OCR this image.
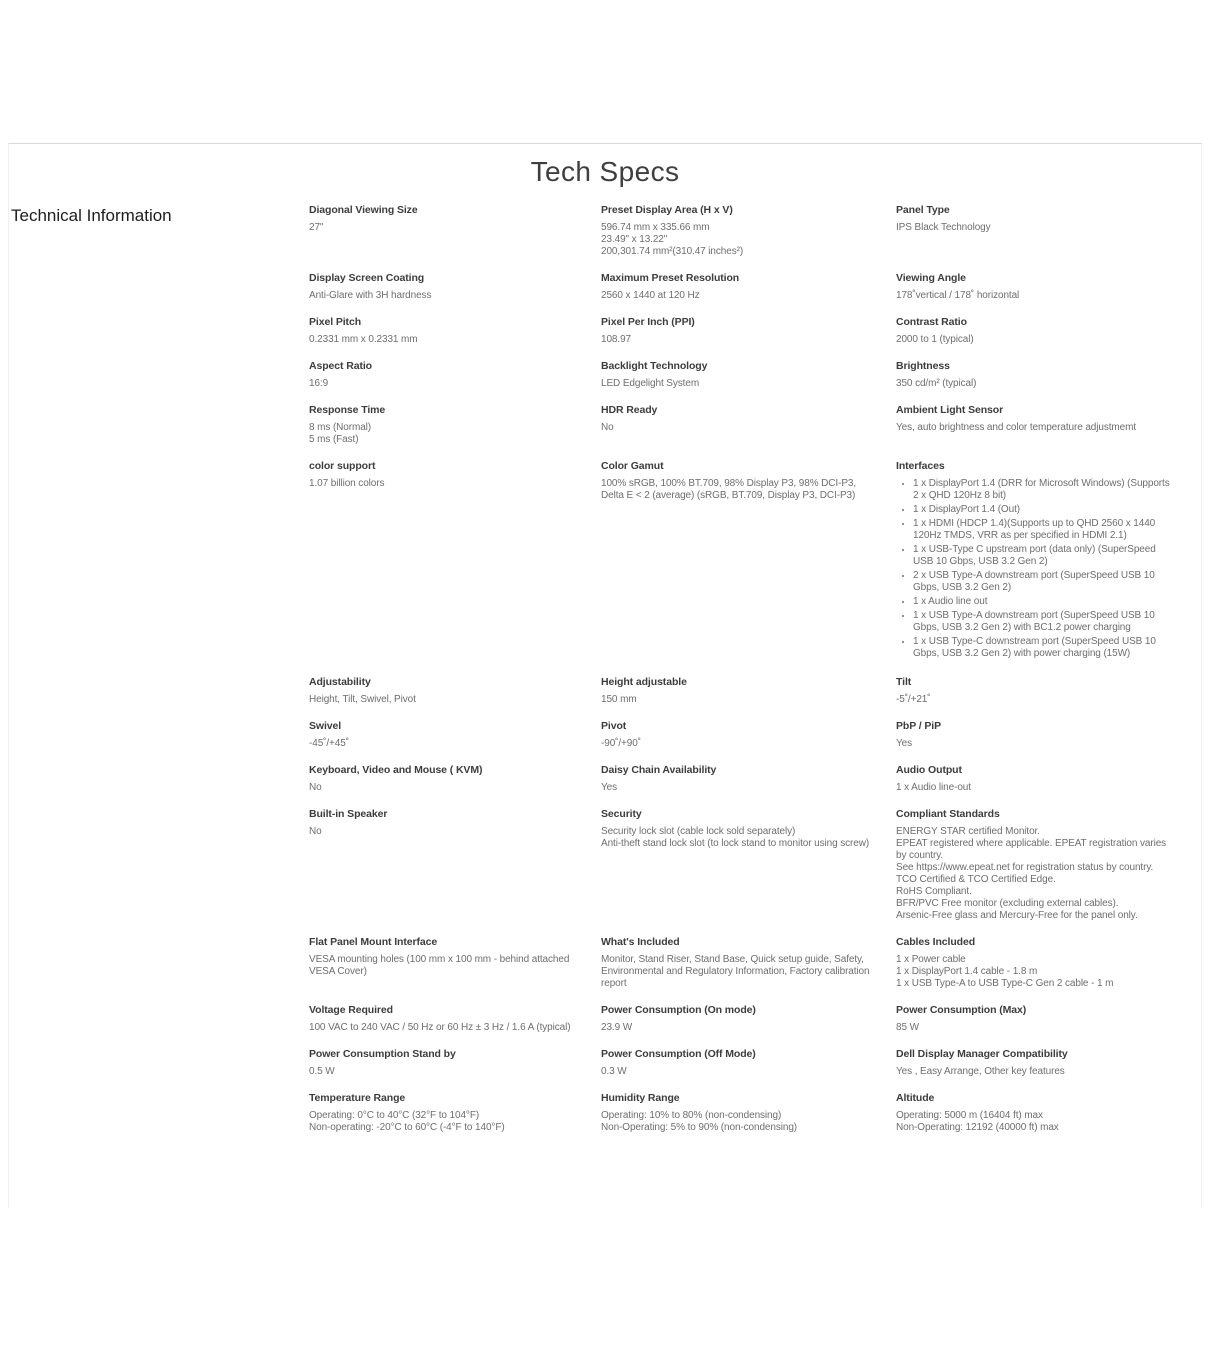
Tech Specs
Technical Information	Diagonal Viewing Size
27"
Preset Display Area (H x V)
596.74 mm x 335.66 mm
23.49" x 13.22"
200,301.74 mm²(310.47 inches²)
Panel Type
IPS Black Technology
Display Screen Coating
Anti-Glare with 3H hardness
Maximum Preset Resolution
2560 x 1440 at 120 Hz
Viewing Angle
178˚vertical / 178˚ horizontal
Pixel Pitch
0.2331 mm x 0.2331 mm
Pixel Per Inch (PPI)
108.97
Contrast Ratio
2000 to 1 (typical)
Aspect Ratio
16:9
Backlight Technology
LED Edgelight System
Brightness
350 cd/m² (typical)
Response Time
8 ms (Normal)
5 ms (Fast)
HDR Ready
No
Ambient Light Sensor
Yes, auto brightness and color temperature adjustmemt
color support
1.07 billion colors
Color Gamut
100% sRGB, 100% BT.709, 98% Display P3, 98% DCI-P3, Delta E < 2 (average) (sRGB, BT.709, Display P3, DCI-P3)
Interfaces
• 1 x DisplayPort 1.4 (DRR for Microsoft Windows) (Supports 2 x QHD 120Hz 8 bit)
• 1 x DisplayPort 1.4 (Out)
• 1 x HDMI (HDCP 1.4)(Supports up to QHD 2560 x 1440 120Hz TMDS, VRR as per specified in HDMI 2.1)
• 1 x USB-Type C upstream port (data only) (SuperSpeed USB 10 Gbps, USB 3.2 Gen 2)
• 2 x USB Type-A downstream port (SuperSpeed USB 10 Gbps, USB 3.2 Gen 2)
• 1 x Audio line out
• 1 x USB Type-A downstream port (SuperSpeed USB 10 Gbps, USB 3.2 Gen 2) with BC1.2 power charging
• 1 x USB Type-C downstream port (SuperSpeed USB 10 Gbps, USB 3.2 Gen 2) with power charging (15W)
Adjustability
Height, Tilt, Swivel, Pivot
Height adjustable
150 mm
Tilt
-5˚/+21˚
Swivel
-45˚/+45˚
Pivot
-90˚/+90˚
PbP / PiP
Yes
Keyboard, Video and Mouse ( KVM)
No
Daisy Chain Availability
Yes
Audio Output
1 x Audio line-out
Built-in Speaker
No
Security
Security lock slot (cable lock sold separately)
Anti-theft stand lock slot (to lock stand to monitor using screw)
Compliant Standards
ENERGY STAR certified Monitor.
EPEAT registered where applicable. EPEAT registration varies by country.
See https://www.epeat.net for registration status by country.
TCO Certified & TCO Certified Edge.
RoHS Compliant.
BFR/PVC Free monitor (excluding external cables).
Arsenic-Free glass and Mercury-Free for the panel only.
Flat Panel Mount Interface
VESA mounting holes (100 mm x 100 mm - behind attached VESA Cover)
What's Included
Monitor, Stand Riser, Stand Base, Quick setup guide, Safety, Environmental and Regulatory Information, Factory calibration report
Cables Included
1 x Power cable
1 x DisplayPort 1.4 cable - 1.8 m
1 x USB Type-A to USB Type-C Gen 2 cable - 1 m
Voltage Required
100 VAC to 240 VAC / 50 Hz or 60 Hz ± 3 Hz / 1.6 A (typical)
Power Consumption (On mode)
23.9 W
Power Consumption (Max)
85 W
Power Consumption Stand by
0.5 W
Power Consumption (Off Mode)
0.3 W
Dell Display Manager Compatibility
Yes , Easy Arrange, Other key features
Temperature Range
Operating: 0°C to 40°C (32°F to 104°F)
Non-operating: -20°C to 60°C (-4°F to 140°F)
Humidity Range
Operating: 10% to 80% (non-condensing)
Non-Operating: 5% to 90% (non-condensing)
Altitude
Operating: 5000 m (16404 ft) max
Non-Operating: 12192 (40000 ft) max
